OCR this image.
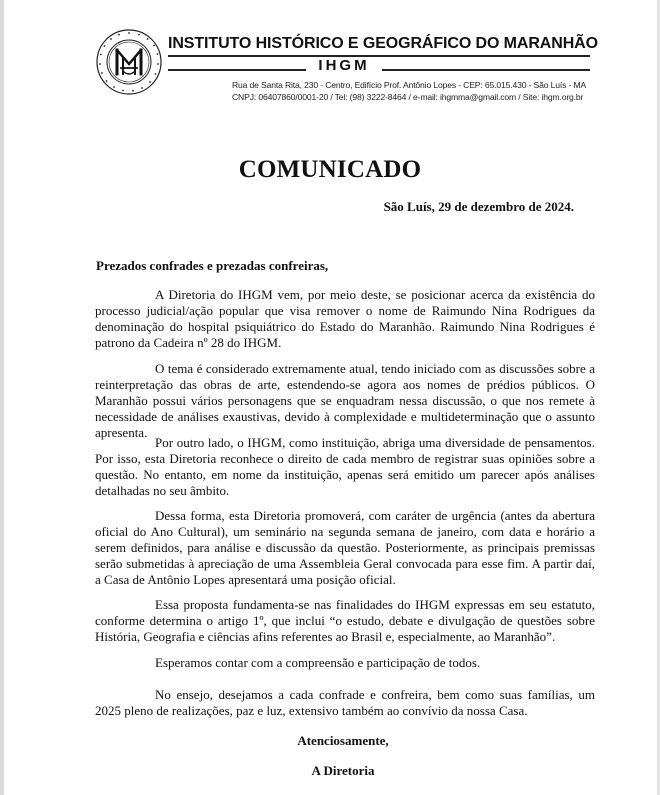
INSTITUTO HISTÓRICO E GEOGRÁFICO DO MARANHÃO
IHGM
Rua de Santa Rita, 230 - Centro, Edifício Prof. Antônio Lopes - CEP: 65.015.430 - São Luís - MA
CNPJ: 06407860/0001-20 / Tel: (98) 3222-8464 / e-mail: ihgmma@gmail.com / Site: ihgm.org.br
COMUNICADO
São Luís, 29 de dezembro de 2024.
Prezados confrades e prezadas confreiras,

A Diretoria do IHGM vem, por meio deste, se posicionar acerca da existência do processo judicial/ação popular que visa remover o nome de Raimundo Nina Rodrigues da denominação do hospital psiquiátrico do Estado do Maranhão. Raimundo Nina Rodrigues é patrono da Cadeira nº 28 do IHGM.

O tema é considerado extremamente atual, tendo iniciado com as discussões sobre a reinterpretação das obras de arte, estendendo-se agora aos nomes de prédios públicos. O Maranhão possui vários personagens que se enquadram nessa discussão, o que nos remete à necessidade de análises exaustivas, devido à complexidade e multideterminação que o assunto apresenta.

Por outro lado, o IHGM, como instituição, abriga uma diversidade de pensamentos. Por isso, esta Diretoria reconhece o direito de cada membro de registrar suas opiniões sobre a questão. No entanto, em nome da instituição, apenas será emitido um parecer após análises detalhadas no seu âmbito.

Dessa forma, esta Diretoria promoverá, com caráter de urgência (antes da abertura oficial do Ano Cultural), um seminário na segunda semana de janeiro, com data e horário a serem definidos, para análise e discussão da questão. Posteriormente, as principais premissas serão submetidas à apreciação de uma Assembleia Geral convocada para esse fim. A partir daí, a Casa de Antônio Lopes apresentará uma posição oficial.

Essa proposta fundamenta-se nas finalidades do IHGM expressas em seu estatuto, conforme determina o artigo 1º, que inclui “o estudo, debate e divulgação de questões sobre História, Geografia e ciências afins referentes ao Brasil e, especialmente, ao Maranhão”.

Esperamos contar com a compreensão e participação de todos.

No ensejo, desejamos a cada confrade e confreira, bem como suas famílias, um 2025 pleno de realizações, paz e luz, extensivo também ao convívio da nossa Casa.

Atenciosamente,
A Diretoria
